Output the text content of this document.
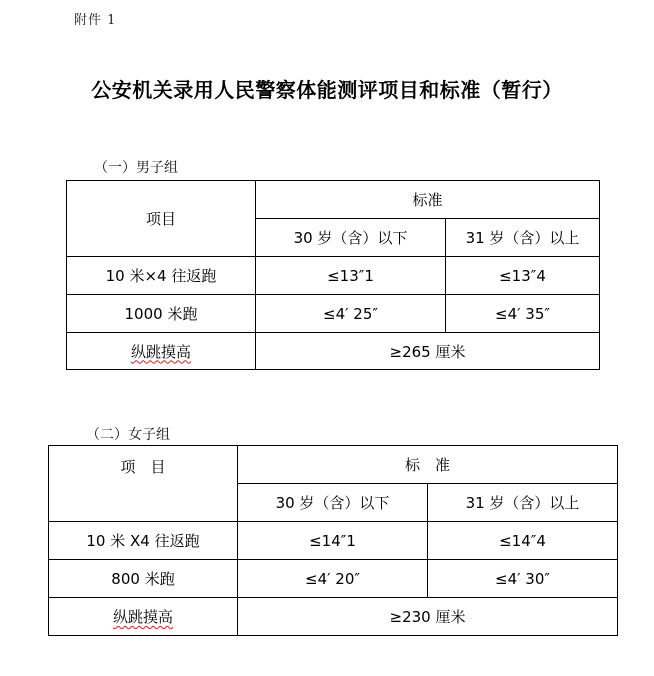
附件 1
公安机关录用人民警察体能测评项目和标准（暂行）
（一）男子组
项目	标准	
	30 岁（含）以下	31 岁（含）以上
10 米×4 往返跑	≤13″1	≤13″4
1000 米跑	≤4′ 25″	≤4′ 35″
纵跳摸高	≥265 厘米	
（二）女子组
项　目	标　准	
	30 岁（含）以下	31 岁（含）以上
10 米 X4 往返跑	≤14″1	≤14″4
800 米跑	≤4′ 20″	≤4′ 30″
纵跳摸高	≥230 厘米	
